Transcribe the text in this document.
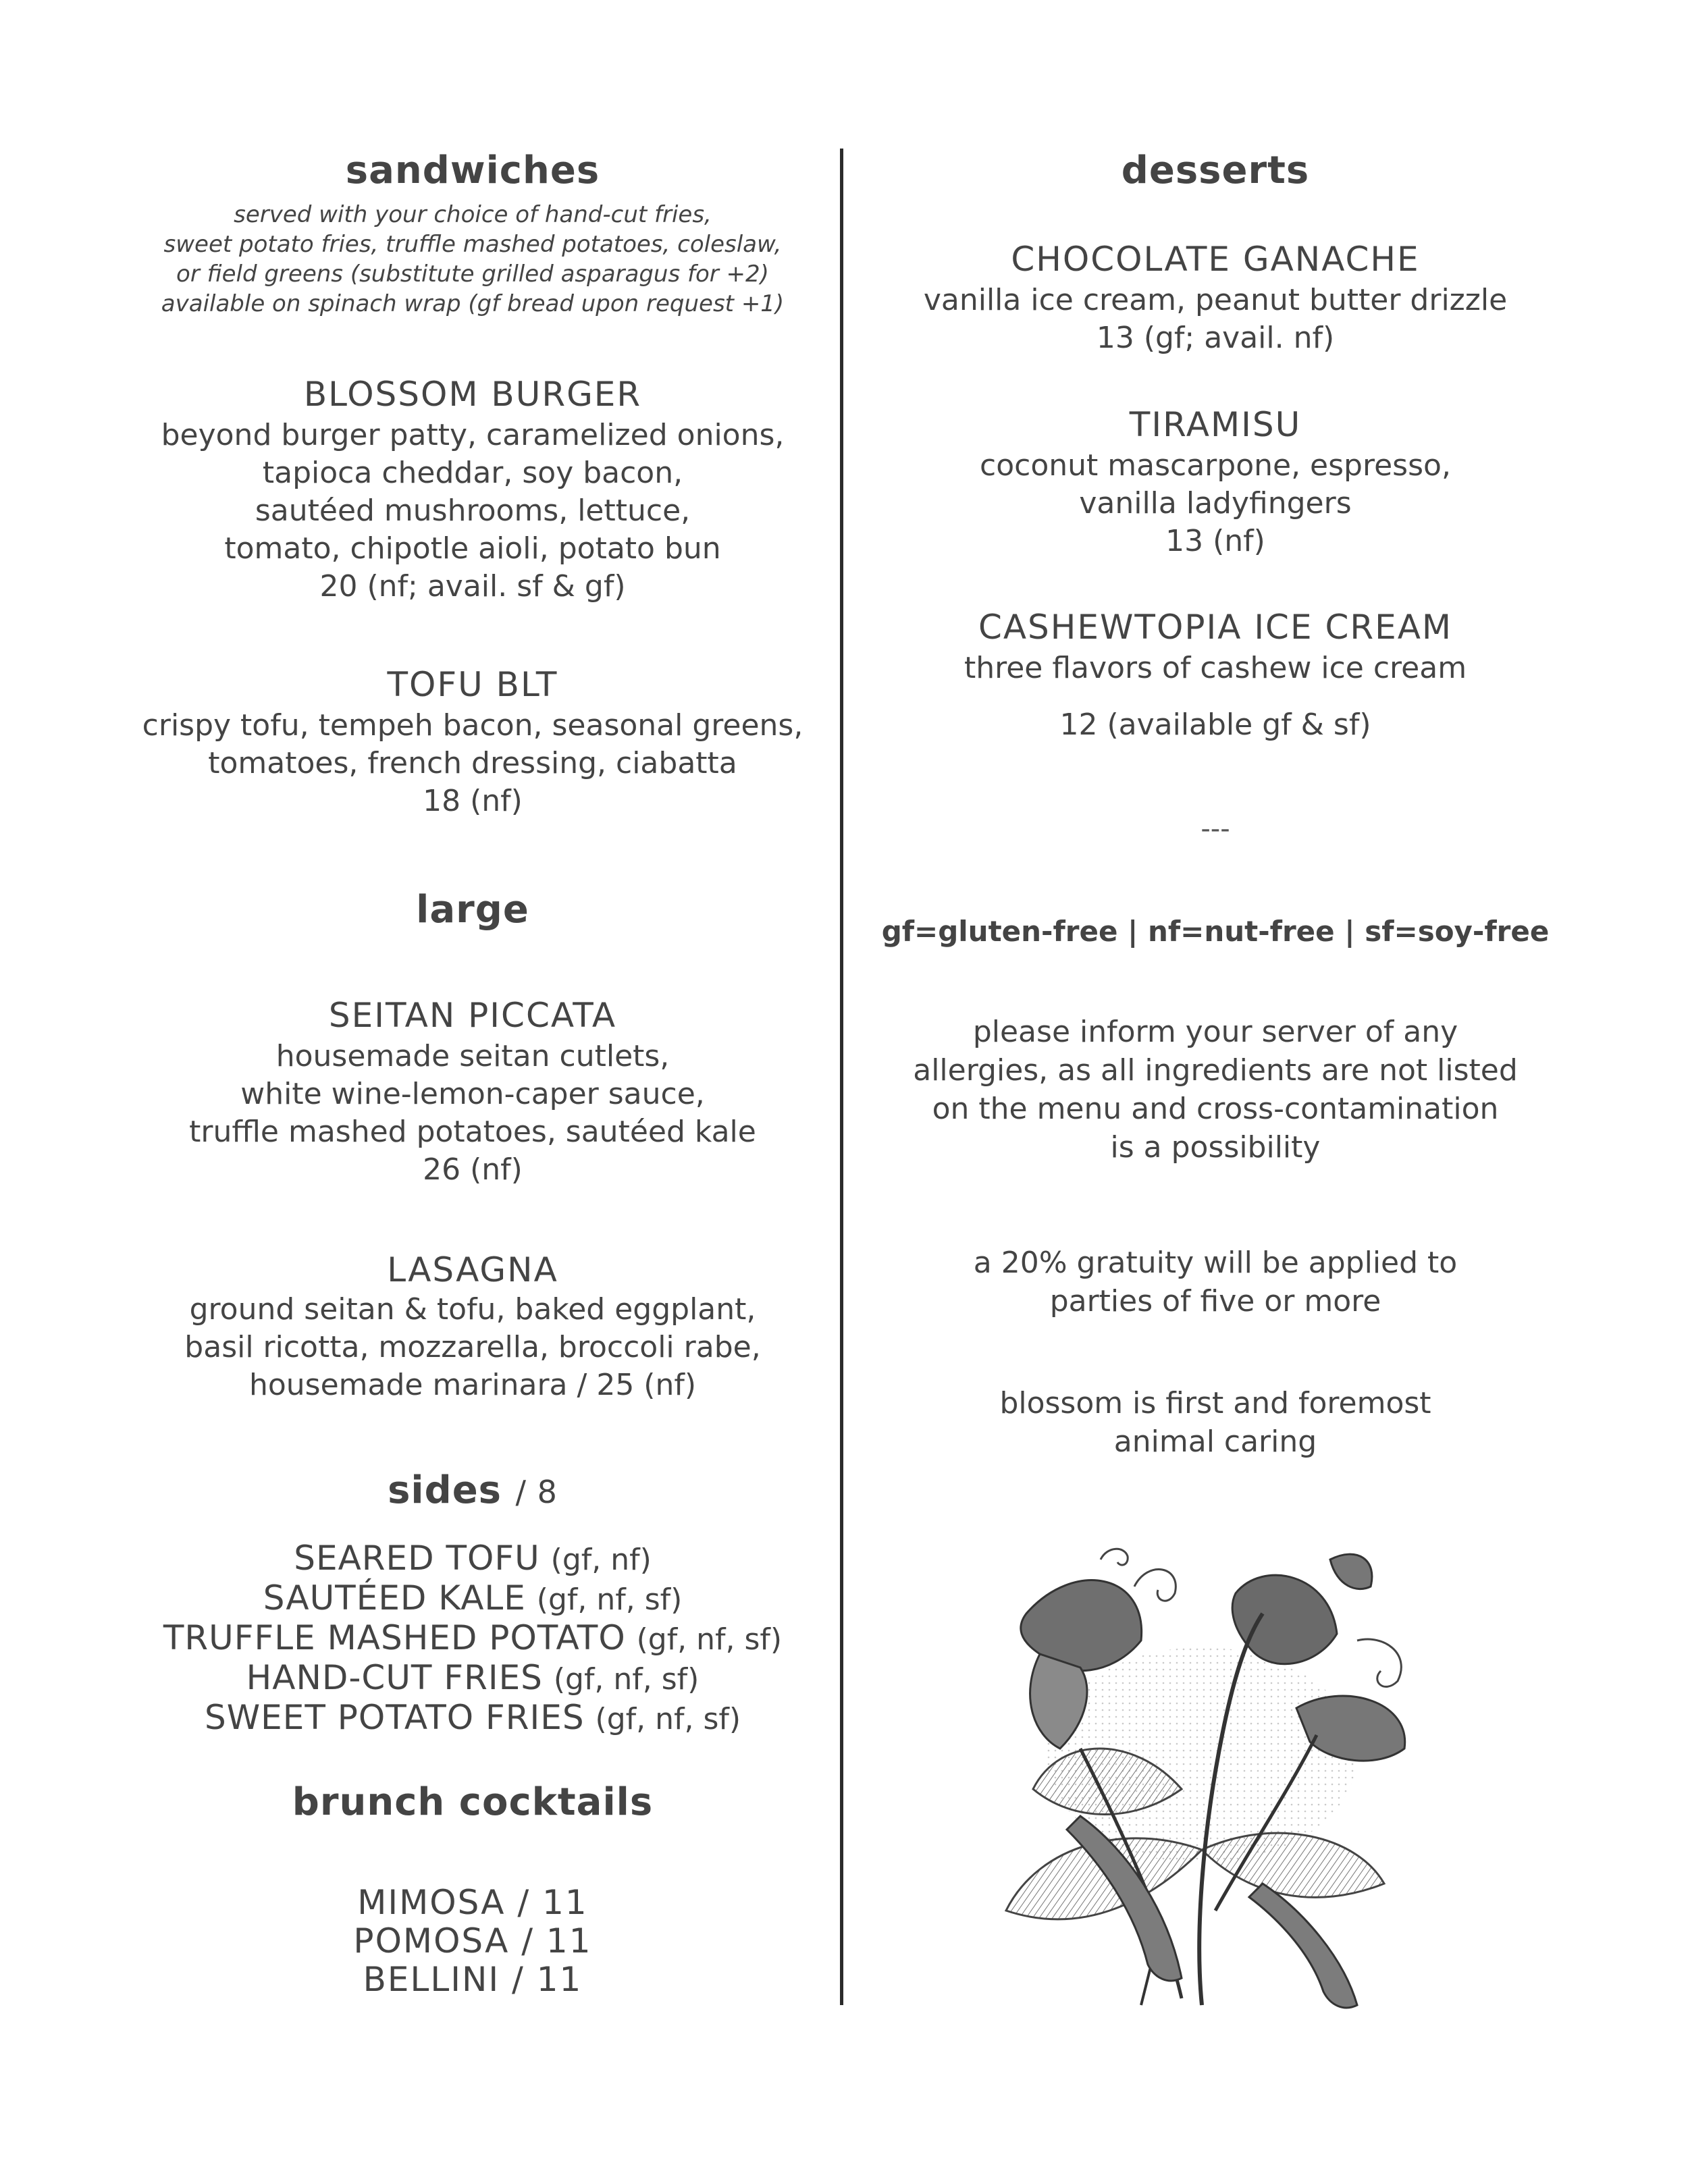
sandwiches
served with your choice of hand-cut fries,
sweet potato fries, truffle mashed potatoes, coleslaw,
or field greens (substitute grilled asparagus for +2)
available on spinach wrap (gf bread upon request +1)
BLOSSOM BURGER
beyond burger patty, caramelized onions,
tapioca cheddar, soy bacon,
sautéed mushrooms, lettuce,
tomato, chipotle aioli, potato bun
20 (nf; avail. sf & gf)
TOFU BLT
crispy tofu, tempeh bacon, seasonal greens,
tomatoes, french dressing, ciabatta
18 (nf)
large
SEITAN PICCATA
housemade seitan cutlets,
white wine-lemon-caper sauce,
truffle mashed potatoes, sautéed kale
26 (nf)
LASAGNA
ground seitan & tofu, baked eggplant,
basil ricotta, mozzarella, broccoli rabe,
housemade marinara / 25 (nf)
sides / 8
SEARED TOFU (gf, nf)
SAUTÉED KALE (gf, nf, sf)
TRUFFLE MASHED POTATO (gf, nf, sf)
HAND-CUT FRIES (gf, nf, sf)
SWEET POTATO FRIES (gf, nf, sf)
brunch cocktails
MIMOSA / 11
POMOSA / 11
BELLINI / 11
desserts
CHOCOLATE GANACHE
vanilla ice cream, peanut butter drizzle
13 (gf; avail. nf)
TIRAMISU
coconut mascarpone, espresso,
vanilla ladyfingers
13 (nf)
CASHEWTOPIA ICE CREAM
three flavors of cashew ice cream
12 (available gf & sf)
---
gf=gluten-free | nf=nut-free | sf=soy-free
please inform your server of any
allergies, as all ingredients are not listed
on the menu and cross-contamination
is a possibility
a 20% gratuity will be applied to
parties of five or more
blossom is first and foremost
animal caring
